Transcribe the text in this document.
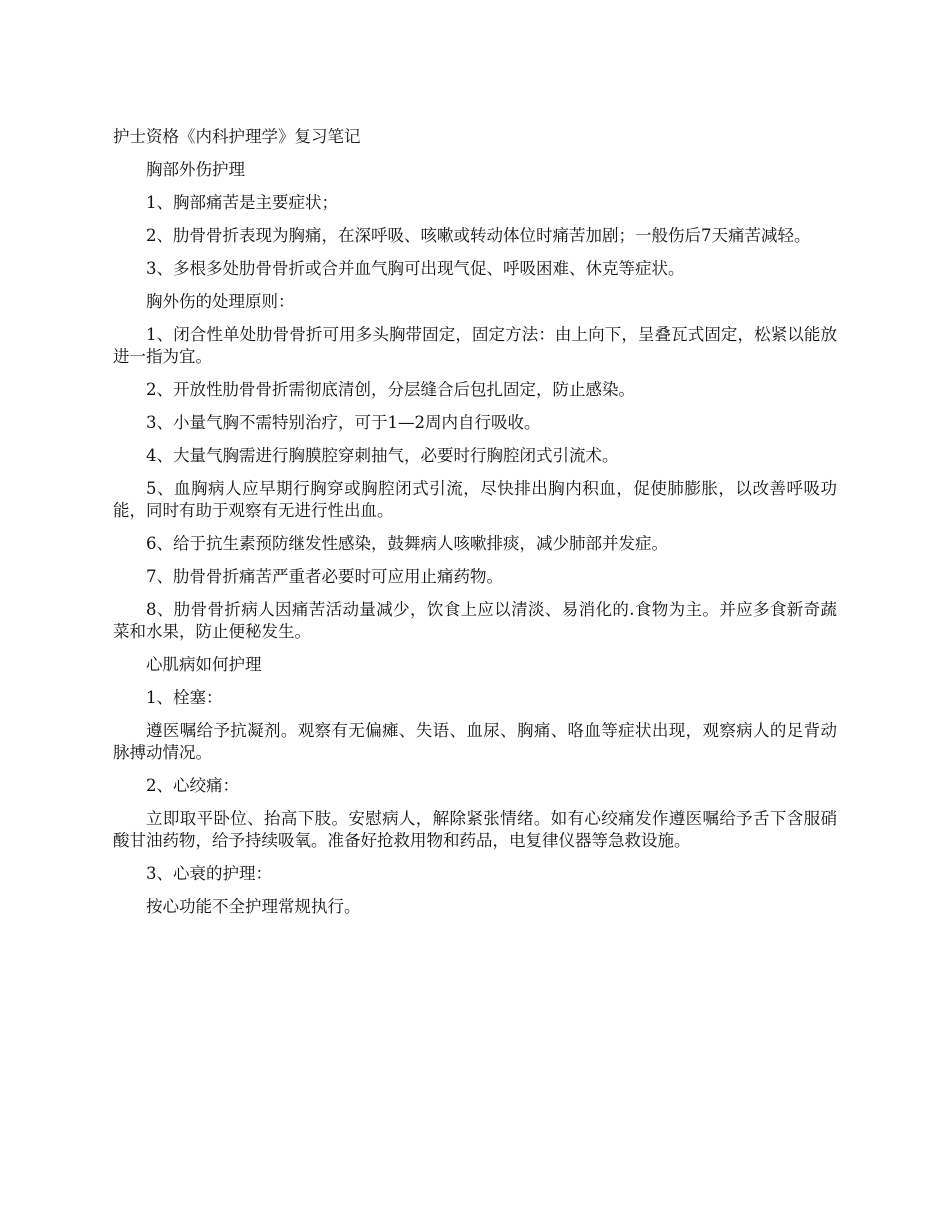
护士资格《内科护理学》复习笔记

胸部外伤护理

1、胸部痛苦是主要症状；

2、肋骨骨折表现为胸痛，在深呼吸、咳嗽或转动体位时痛苦加剧；一般伤后7天痛苦减轻。

3、多根多处肋骨骨折或合并血气胸可出现气促、呼吸困难、休克等症状。

胸外伤的处理原则：

1、闭合性单处肋骨骨折可用多头胸带固定，固定方法：由上向下，呈叠瓦式固定，松紧以能放进一指为宜。

2、开放性肋骨骨折需彻底清创，分层缝合后包扎固定，防止感染。

3、小量气胸不需特别治疗，可于1—2周内自行吸收。

4、大量气胸需进行胸膜腔穿刺抽气，必要时行胸腔闭式引流术。

5、血胸病人应早期行胸穿或胸腔闭式引流，尽快排出胸内积血，促使肺膨胀，以改善呼吸功能，同时有助于观察有无进行性出血。

6、给于抗生素预防继发性感染，鼓舞病人咳嗽排痰，减少肺部并发症。

7、肋骨骨折痛苦严重者必要时可应用止痛药物。

8、肋骨骨折病人因痛苦活动量减少，饮食上应以清淡、易消化的.食物为主。并应多食新奇蔬菜和水果，防止便秘发生。

心肌病如何护理

1、栓塞：

遵医嘱给予抗凝剂。观察有无偏瘫、失语、血尿、胸痛、咯血等症状出现，观察病人的足背动脉搏动情况。

2、心绞痛：

立即取平卧位、抬高下肢。安慰病人，解除紧张情绪。如有心绞痛发作遵医嘱给予舌下含服硝酸甘油药物，给予持续吸氧。准备好抢救用物和药品，电复律仪器等急救设施。

3、心衰的护理：

按心功能不全护理常规执行。
